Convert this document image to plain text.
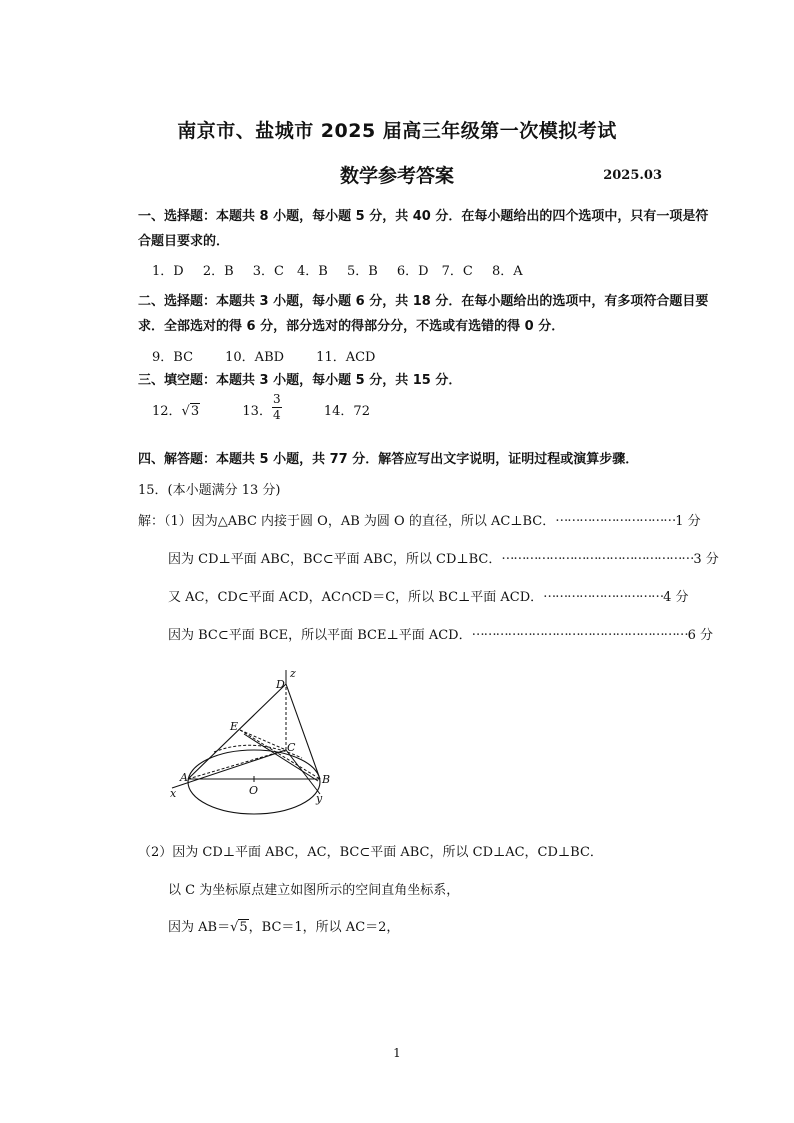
南京市、盐城市 2025 届高三年级第一次模拟考试
数学参考答案	2025.03
一、选择题：本题共 8 小题，每小题 5 分，共 40 分．在每小题给出的四个选项中，只有一项是符
合题目要求的．
1．D　 2．B　 3．C　4．B　 5．B　 6．D　7．C　 8．A
二、选择题：本题共 3 小题，每小题 6 分，共 18 分．在每小题给出的选项中，有多项符合题目要
求．全部选对的得 6 分，部分选对的得部分分，不选或有选错的得 0 分．
9．BC　　 10．ABD　　 11．ACD
三、填空题：本题共 3 小题，每小题 5 分，共 15 分．
12．√3	13． $\frac{3}{4}$	14．72
四、解答题：本题共 5 小题，共 77 分．解答应写出文字说明，证明过程或演算步骤．
15．(本小题满分 13 分)
解：（1）因为△ABC 内接于圆 O，AB 为圆 O 的直径，所以 AC⊥BC． ………………………… 1 分
因为 CD⊥平面 ABC，BC⊂平面 ABC，所以 CD⊥BC． ………………………………………… 3 分
又 AC，CD⊂平面 ACD，AC∩CD＝C，所以 BC⊥平面 ACD． ………………………… 4 分
因为 BC⊂平面 BCE，所以平面 BCE⊥平面 ACD． ……………………………………………… 6 分
D
z
E
C
A	B
O
x	y
（2）因为 CD⊥平面 ABC，AC，BC⊂平面 ABC，所以 CD⊥AC，CD⊥BC．
以 C 为坐标原点建立如图所示的空间直角坐标系，
因为 AB＝√5，BC＝1，所以 AC＝2，
1
